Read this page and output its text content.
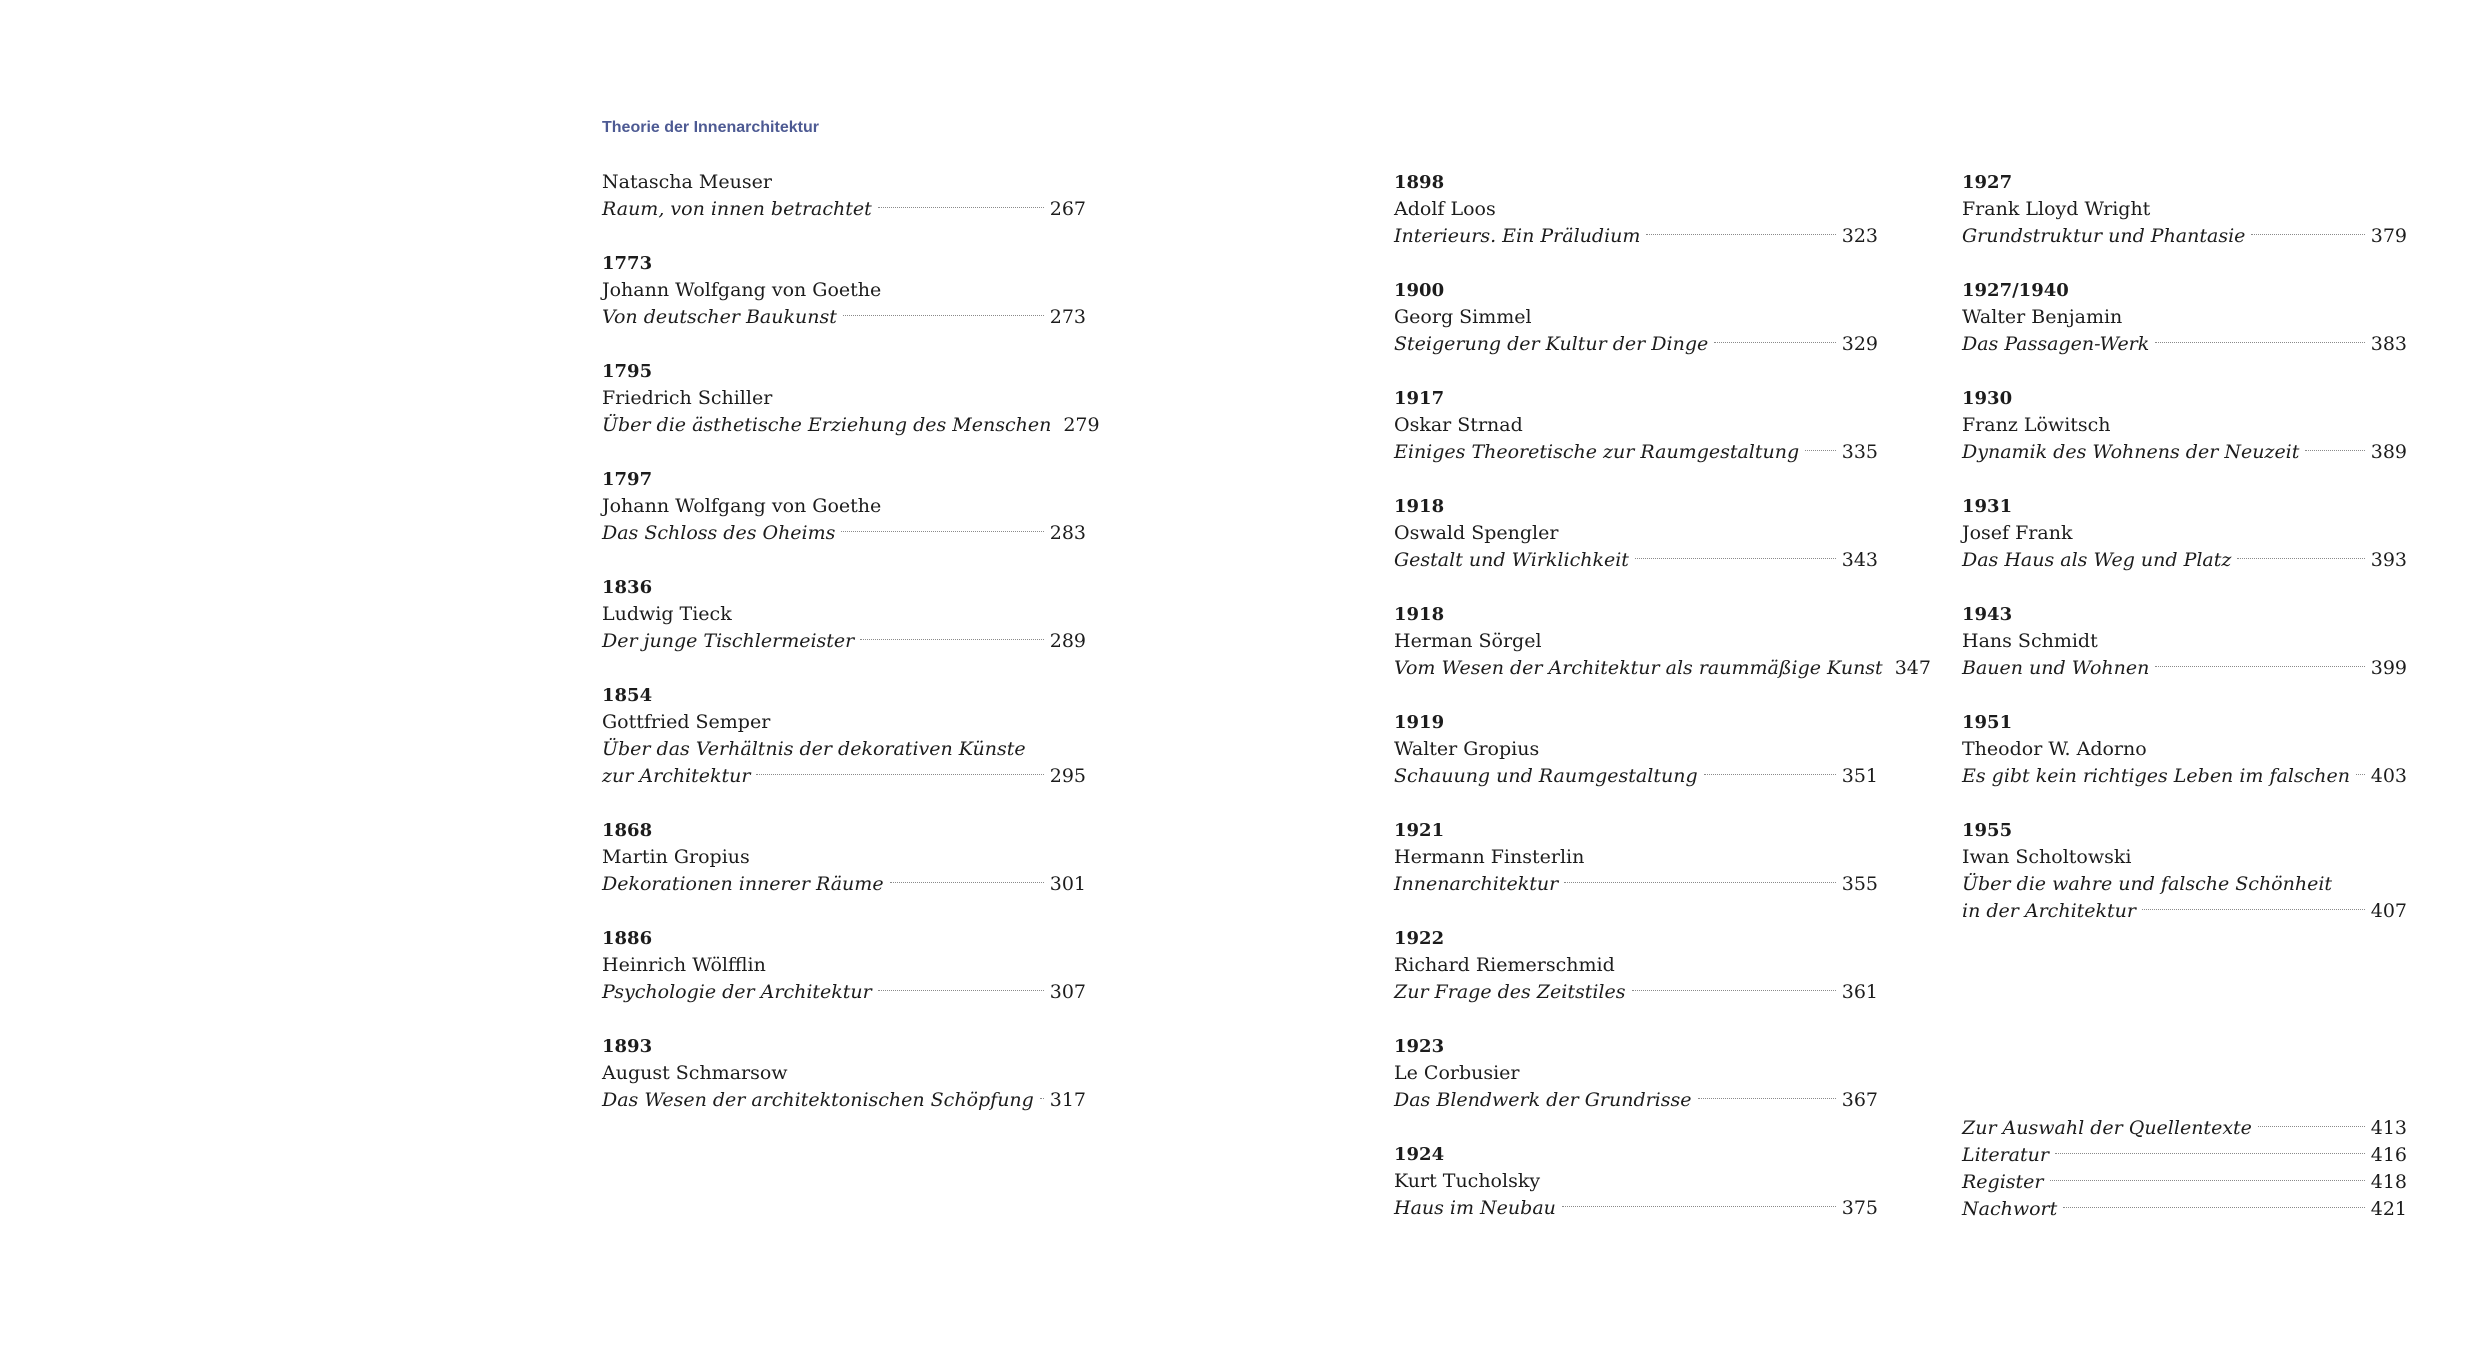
Theorie der Innenarchitektur
Natascha Meuser
Raum, von innen betrachtet	267
1773
Johann Wolfgang von Goethe
Von deutscher Baukunst	273
1795
Friedrich Schiller
Über die ästhetische Erziehung des Menschen 279
1797
Johann Wolfgang von Goethe
Das Schloss des Oheims	283
1836
Ludwig Tieck
Der junge Tischlermeister	289
1854
Gottfried Semper
Über das Verhältnis der dekorativen Künste
zur Architektur	295
1868
Martin Gropius
Dekorationen innerer Räume	301
1886
Heinrich Wölfflin
Psychologie der Architektur	307
1893
August Schmarsow
Das Wesen der architektonischen Schöpfung 317
1898
Adolf Loos
Interieurs. Ein Präludium	323
1900
Georg Simmel
Steigerung der Kultur der Dinge	329
1917
Oskar Strnad
Einiges Theoretische zur Raumgestaltung 335
1918
Oswald Spengler
Gestalt und Wirklichkeit	343
1918
Herman Sörgel
Vom Wesen der Architektur als raummäßige Kunst 347
1919
Walter Gropius
Schauung und Raumgestaltung	351
1921
Hermann Finsterlin
Innenarchitektur	355
1922
Richard Riemerschmid
Zur Frage des Zeitstiles	361
1923
Le Corbusier
Das Blendwerk der Grundrisse	367
1924
Kurt Tucholsky
Haus im Neubau	375
1927
Frank Lloyd Wright
Grundstruktur und Phantasie	379
1927/1940
Walter Benjamin
Das Passagen-Werk	383
1930
Franz Löwitsch
Dynamik des Wohnens der Neuzeit	389
1931
Josef Frank
Das Haus als Weg und Platz	393
1943
Hans Schmidt
Bauen und Wohnen	399
1951
Theodor W. Adorno
Es gibt kein richtiges Leben im falschen 403
1955
Iwan Scholtowski
Über die wahre und falsche Schönheit
in der Architektur	407
Zur Auswahl der Quellentexte	413
Literatur	416
Register	418
Nachwort	421
